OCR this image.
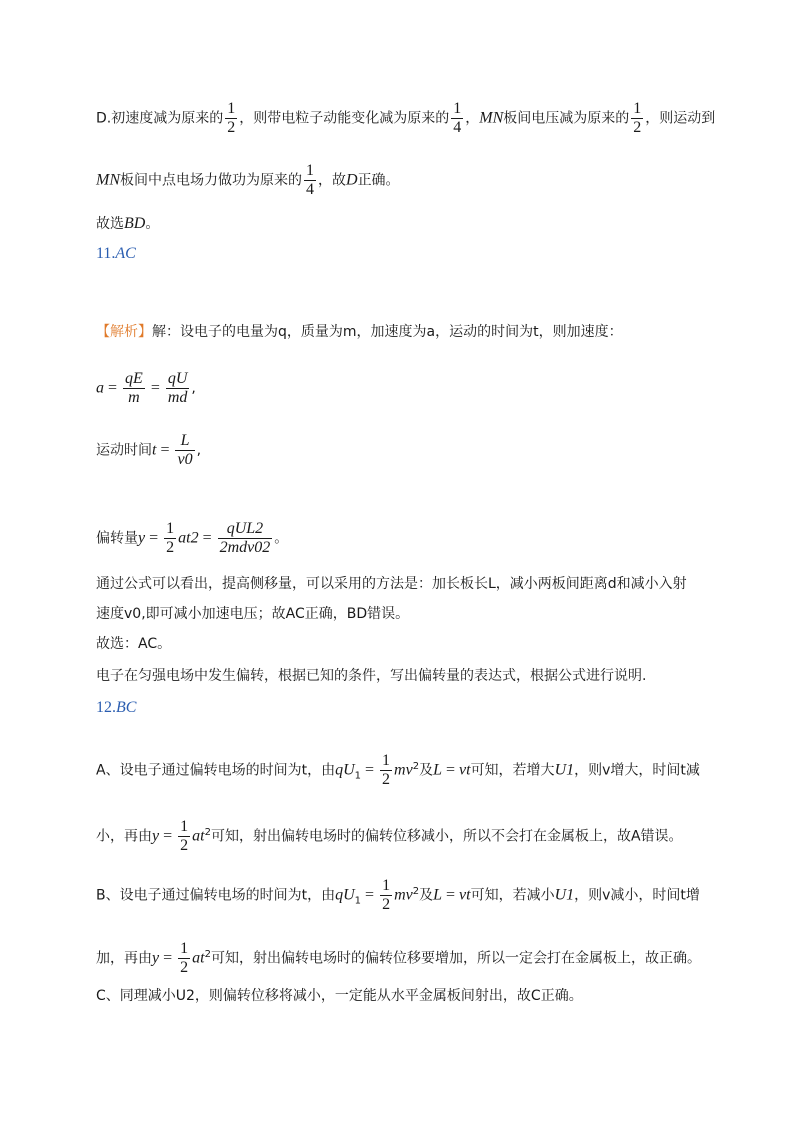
D.初速度减为原来的 $\frac{1}{2}$ ，则带电粒子动能变化减为原来的 $\frac{1}{4}$ ，MN板间电压减为原来的 $\frac{1}{2}$ ，则运动到
MN板间中点电场力做功为原来的 $\frac{1}{4}$ ，故D正确。
故选BD。
11.AC
【解析】解：设电子的电量为q，质量为m，加速度为a，运动的时间为t，则加速度：
$a = \frac{qE}{m} = \frac{qU}{md}$ ,
运动时间$t = \frac{L}{v0}$ ,
偏转量$y = \frac{1}{2} at2 = \frac{\text{qUL2}}{\text{2mdv02}}$ 。
通过公式可以看出，提高侧移量，可以采用的方法是：加长板长L，减小两板间距离d和减小入射
速度v0,即可减小加速电压；故AC正确，BD错误。
故选：AC。
电子在匀强电场中发生偏转，根据已知的条件，写出偏转量的表达式，根据公式进行说明.
12.BC
A、设电子通过偏转电场的时间为t，由$qU_1 = \frac{1}{2} mv^2$及L = vt可知，若增大U1，则v增大，时间t减
小，再由$y = \frac{1}{2} at^2$可知，射出偏转电场时的偏转位移减小，所以不会打在金属板上，故A错误。
B、设电子通过偏转电场的时间为t，由$qU_1 = \frac{1}{2} mv^2$及L = vt可知，若减小U1，则v减小，时间t增
加，再由$y = \frac{1}{2} at^2$可知，射出偏转电场时的偏转位移要增加，所以一定会打在金属板上，故正确。
C、同理减小U2，则偏转位移将减小，一定能从水平金属板间射出，故C正确。
